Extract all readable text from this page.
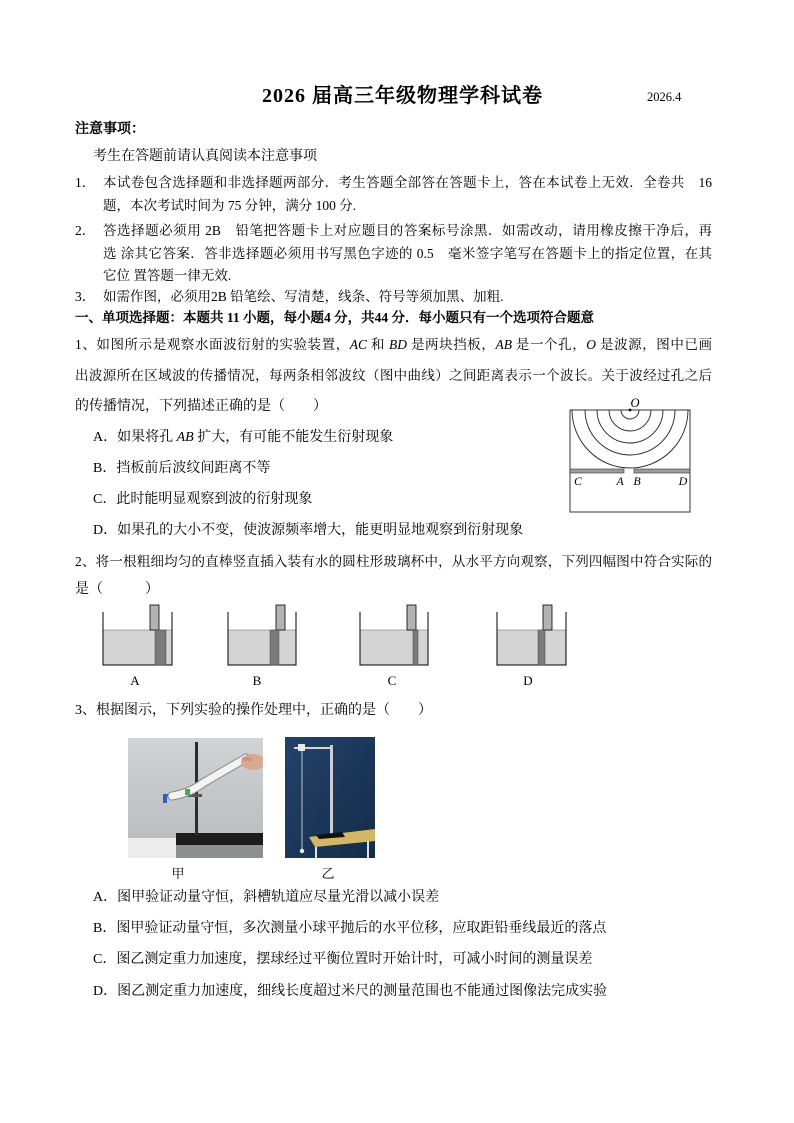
2026 届高三年级物理学科试卷	2026.4
注意事项：
考生在答题前请认真阅读本注意事项
1． 本试卷包含选择题和非选择题两部分．考生答题全部答在答题卡上，答在本试卷上无效．全卷共　16
题，本次考试时间为 75 分钟，满分 100 分.
2． 答选择题必须用 2B　铅笔把答题卡上对应题目的答案标号涂黑．如需改动，请用橡皮擦干净后，再
选 涂其它答案．答非选择题必须用书写黑色字迹的 0.5　毫米签字笔写在答题卡上的指定位置，在其
它位 置答题一律无效.
3． 如需作图，必须用2B 铅笔绘、写清楚，线条、符号等须加黑、加粗.
一、单项选择题：本题共 11 小题，每小题4 分，共44 分．每小题只有一个选项符合题意
1、如图所示是观察水面波衍射的实验装置，AC 和 BD 是两块挡板，AB 是一个孔，O 是波源，图中已画
出波源所在区域波的传播情况，每两条相邻波纹（图中曲线）之间距离表示一个波长。关于波经过孔之后
的传播情况，下列描述正确的是（　　）
A．如果将孔 AB 扩大，有可能不能发生衍射现象
B．挡板前后波纹间距离不等
C．此时能明显观察到波的衍射现象
D．如果孔的大小不变，使波源频率增大，能更明显地观察到衍射现象
O
C	A B	D
2、将一根粗细均匀的直棒竖直插入装有水的圆柱形玻璃杯中，从水平方向观察，下列四幅图中符合实际的
是（　　　）
A	B	C	D
3、根据图示，下列实验的操作处理中，正确的是（　　）
甲	乙
A．图甲验证动量守恒，斜槽轨道应尽量光滑以减小误差
B．图甲验证动量守恒，多次测量小球平抛后的水平位移，应取距铅垂线最近的落点
C．图乙测定重力加速度，摆球经过平衡位置时开始计时，可减小时间的测量误差
D．图乙测定重力加速度，细线长度超过米尺的测量范围也不能通过图像法完成实验
